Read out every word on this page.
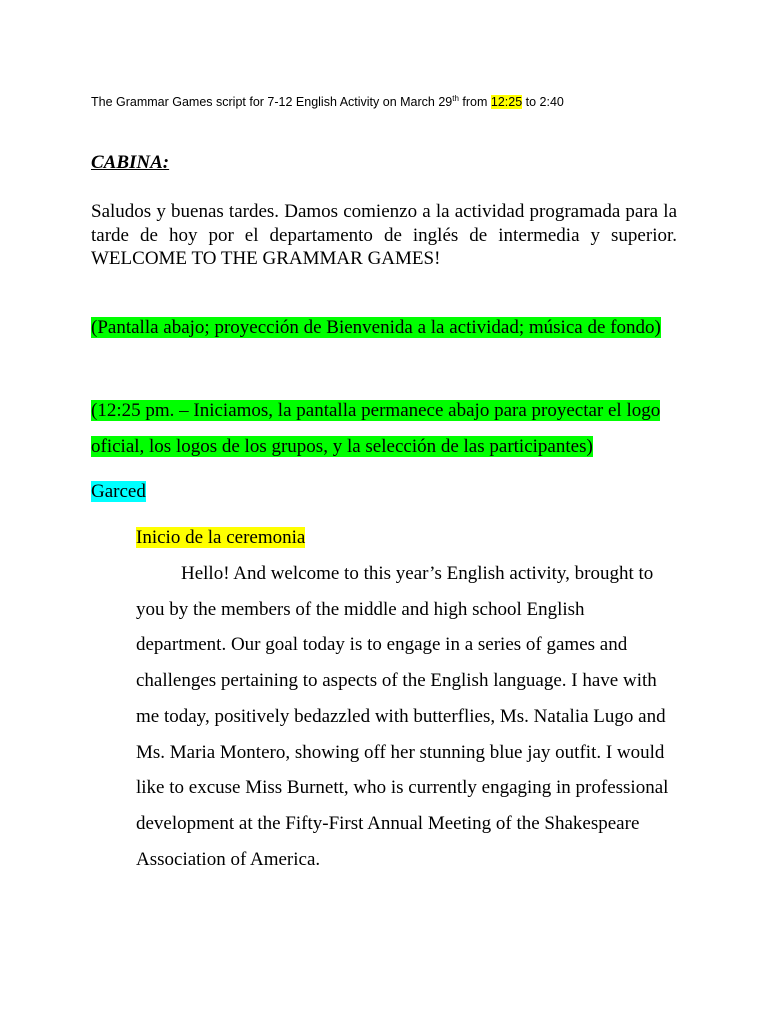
The Grammar Games script for 7-12 English Activity on March 29th from 12:25 to 2:40
CABINA:

Saludos y buenas tardes. Damos comienzo a la actividad programada para la tarde de hoy por el departamento de inglés de intermedia y superior. WELCOME TO THE GRAMMAR GAMES!

(Pantalla abajo; proyección de Bienvenida a la actividad; música de fondo)
(12:25 pm. – Iniciamos, la pantalla permanece abajo para proyectar el logo oficial, los logos de los grupos, y la selección de las participantes)
Garced
Inicio de la ceremonia

Hello! And welcome to this year’s English activity, brought to you by the members of the middle and high school English department. Our goal today is to engage in a series of games and challenges pertaining to aspects of the English language. I have with me today, positively bedazzled with butterflies, Ms. Natalia Lugo and Ms. Maria Montero, showing off her stunning blue jay outfit. I would like to excuse Miss Burnett, who is currently engaging in professional development at the Fifty-First Annual Meeting of the Shakespeare Association of America.
